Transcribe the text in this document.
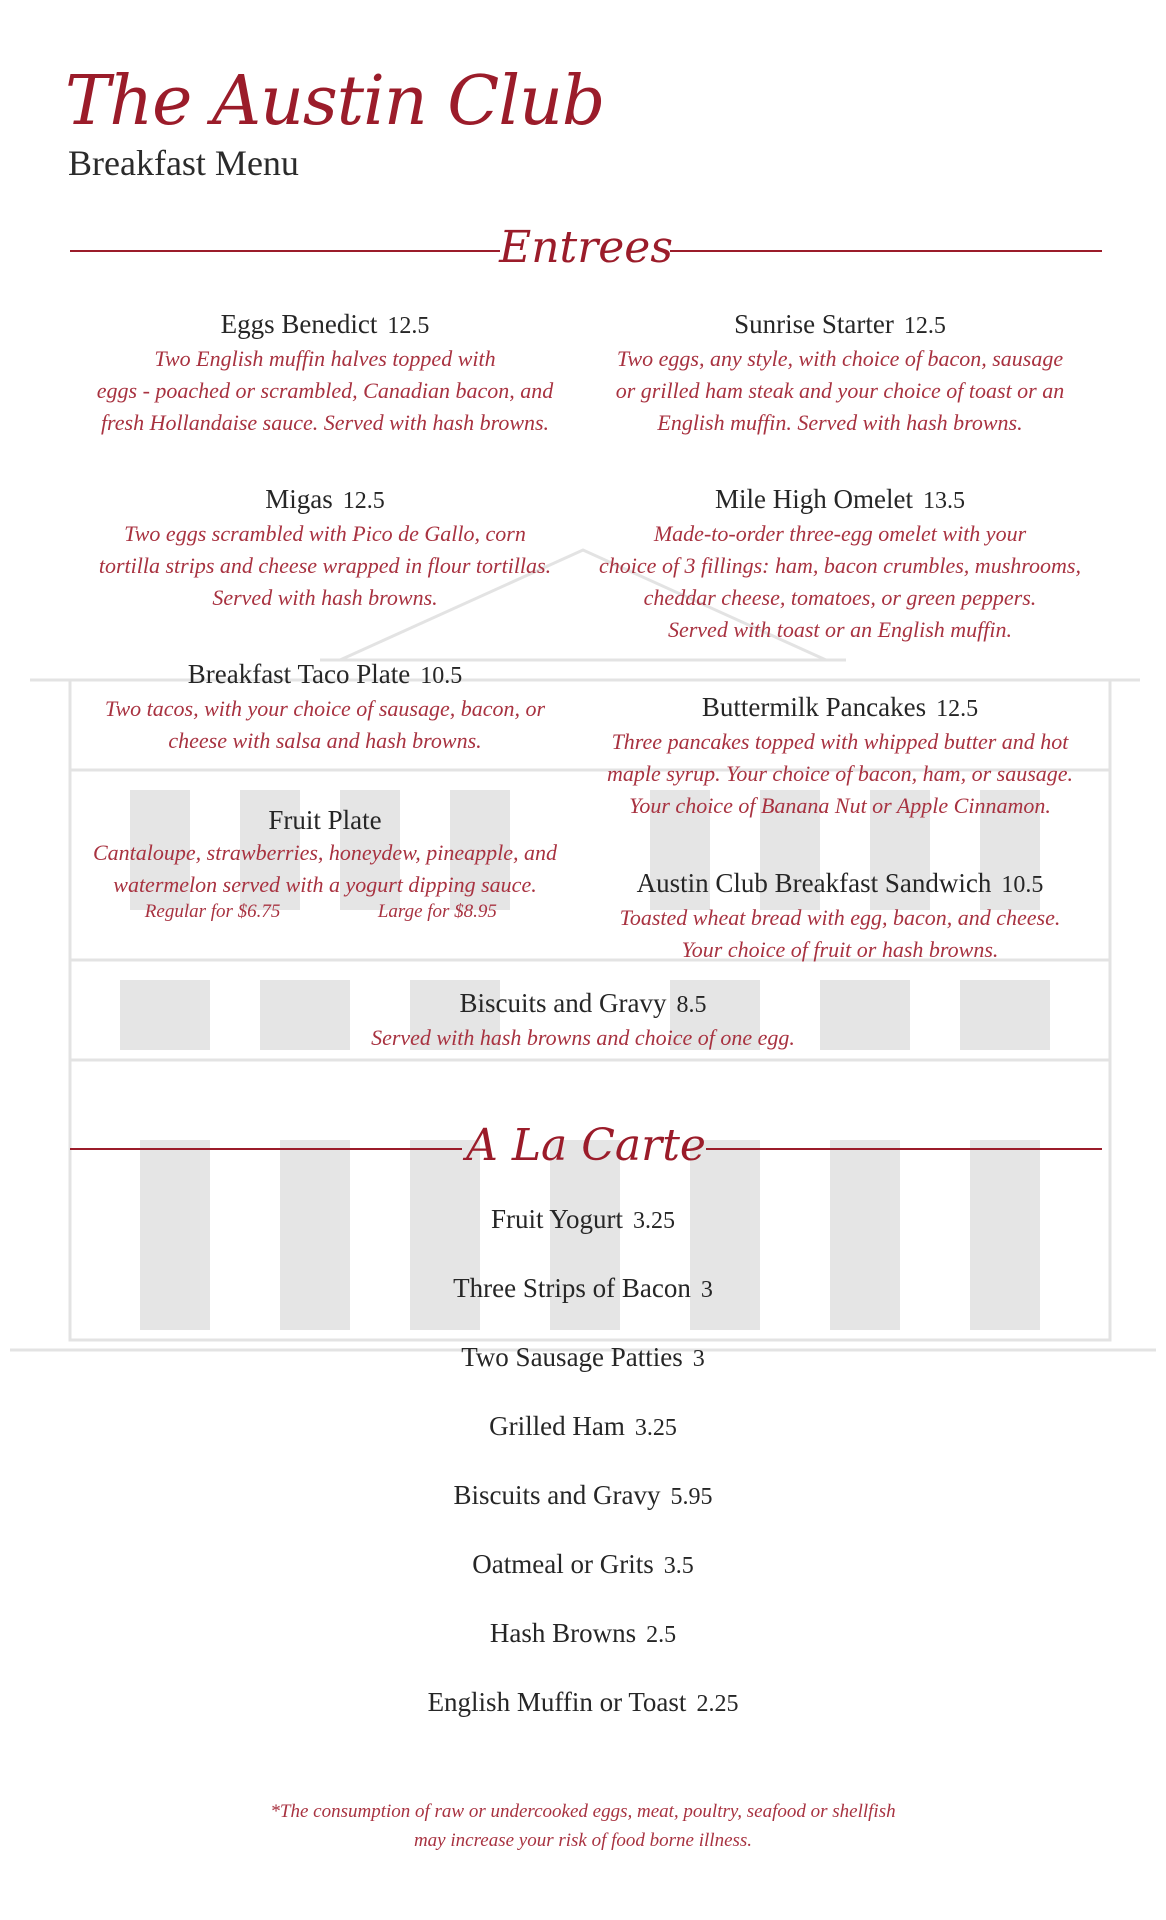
The Austin Club
Breakfast Menu
Entrees
Eggs Benedict 12.5
Two English muffin halves topped with
eggs - poached or scrambled, Canadian bacon, and
fresh Hollandaise sauce. Served with hash browns.
Sunrise Starter 12.5
Two eggs, any style, with choice of bacon, sausage
or grilled ham steak and your choice of toast or an
English muffin. Served with hash browns.
Migas 12.5
Two eggs scrambled with Pico de Gallo, corn
tortilla strips and cheese wrapped in flour tortillas.
Served with hash browns.
Mile High Omelet 13.5
Made-to-order three-egg omelet with your
choice of 3 fillings: ham, bacon crumbles, mushrooms,
cheddar cheese, tomatoes, or green peppers.
Served with toast or an English muffin.
Breakfast Taco Plate 10.5
Two tacos, with your choice of sausage, bacon, or
cheese with salsa and hash browns.
Buttermilk Pancakes 12.5
Three pancakes topped with whipped butter and hot
maple syrup. Your choice of bacon, ham, or sausage.
Your choice of Banana Nut or Apple Cinnamon.
Fruit Plate
Cantaloupe, strawberries, honeydew, pineapple, and
watermelon served with a yogurt dipping sauce.
Regular for $6.75	Large for $8.95
Austin Club Breakfast Sandwich 10.5
Toasted wheat bread with egg, bacon, and cheese.
Your choice of fruit or hash browns.
Biscuits and Gravy 8.5
Served with hash browns and choice of one egg.
A La Carte
Fruit Yogurt 3.25
Three Strips of Bacon 3
Two Sausage Patties 3
Grilled Ham 3.25
Biscuits and Gravy 5.95
Oatmeal or Grits 3.5
Hash Browns 2.5
English Muffin or Toast 2.25
*The consumption of raw or undercooked eggs, meat, poultry, seafood or shellfish
may increase your risk of food borne illness.
